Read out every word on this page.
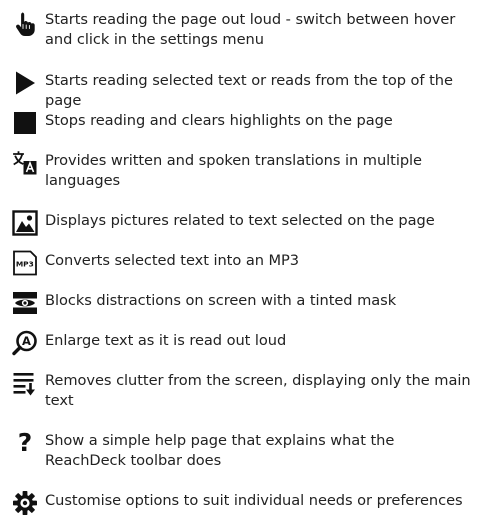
Starts reading the page out loud - switch between hover and click in the settings menu
Starts reading selected text or reads from the top of the page
Stops reading and clears highlights on the page
Provides written and spoken translations in multiple languages
Displays pictures related to text selected on the page
MP3 Converts selected text into an MP3
Blocks distractions on screen with a tinted mask
A Enlarge text as it is read out loud
Removes clutter from the screen, displaying only the main text
? Show a simple help page that explains what the ReachDeck toolbar does
Customise options to suit individual needs or preferences
